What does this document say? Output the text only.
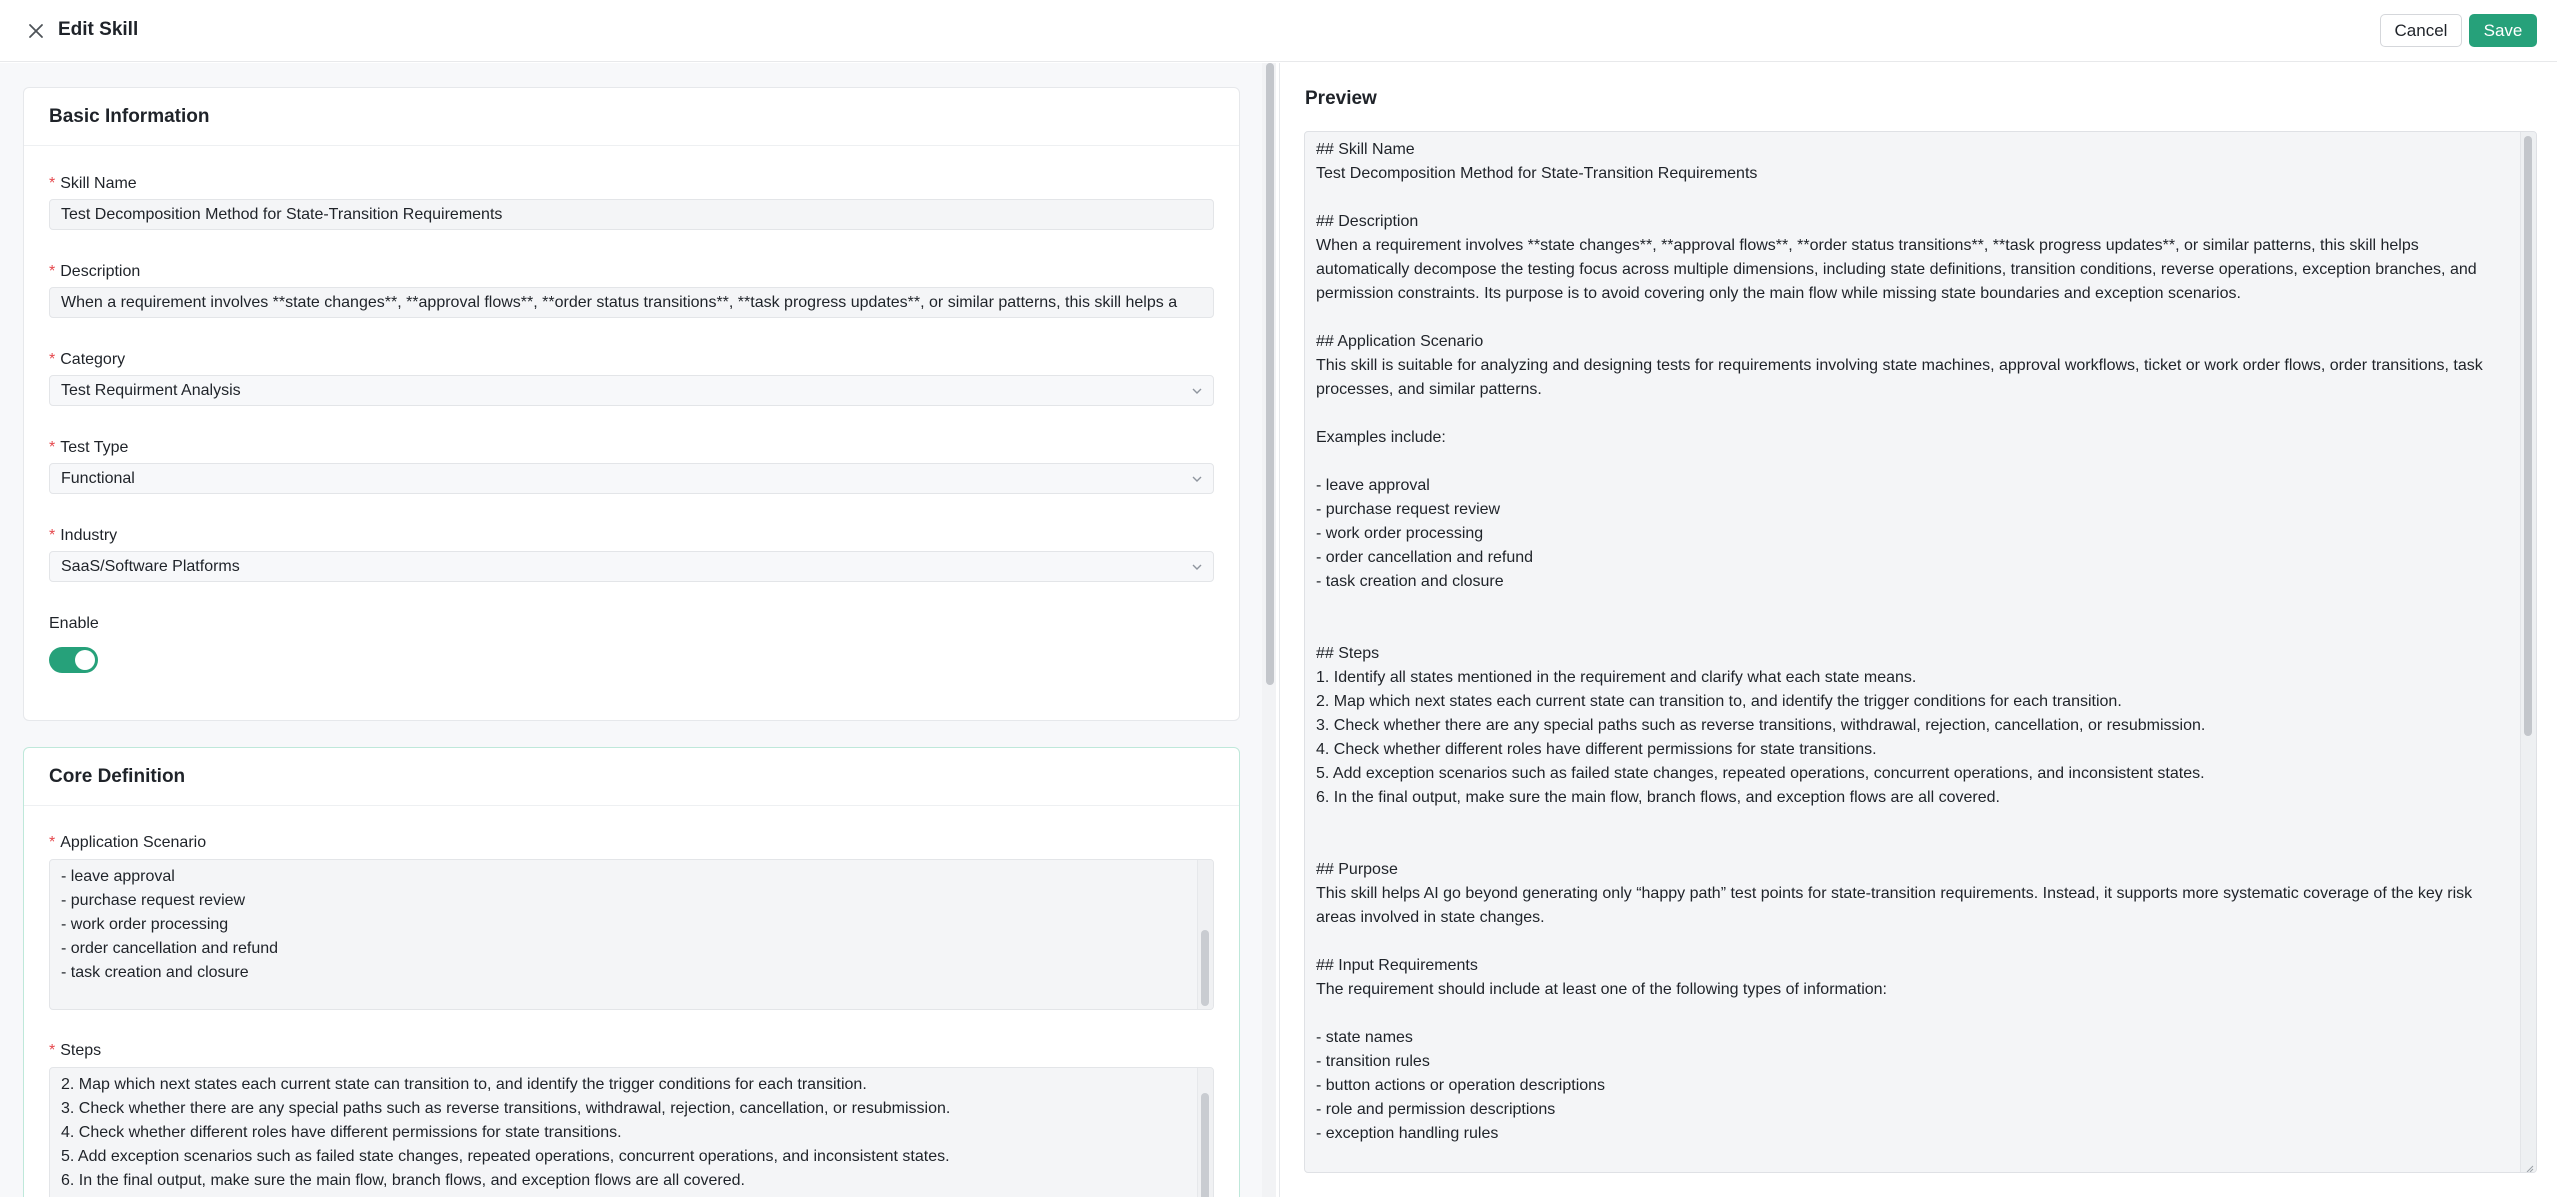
Edit Skill	Cancel	Save
Basic Information
* Skill Name
Test Decomposition Method for State-Transition Requirements
* Description
When a requirement involves **state changes**, **approval flows**, **order status transitions**, **task progress updates**, or similar patterns, this skill helps a
* Category
Test Requirment Analysis
* Test Type
Functional
* Industry
SaaS/Software Platforms
Enable
Core Definition
* Application Scenario
- leave approval
- purchase request review
- work order processing
- order cancellation and refund
- task creation and closure
* Steps
2. Map which next states each current state can transition to, and identify the trigger conditions for each transition.
3. Check whether there are any special paths such as reverse transitions, withdrawal, rejection, cancellation, or resubmission.
4. Check whether different roles have different permissions for state transitions.
5. Add exception scenarios such as failed state changes, repeated operations, concurrent operations, and inconsistent states.
6. In the final output, make sure the main flow, branch flows, and exception flows are all covered.
Preview
## Skill Name
Test Decomposition Method for State-Transition Requirements
## Description
When a requirement involves **state changes**, **approval flows**, **order status transitions**, **task progress updates**, or similar patterns, this skill helps automatically decompose the testing focus across multiple dimensions, including state definitions, transition conditions, reverse operations, exception branches, and permission constraints. Its purpose is to avoid covering only the main flow while missing state boundaries and exception scenarios.
## Application Scenario
This skill is suitable for analyzing and designing tests for requirements involving state machines, approval workflows, ticket or work order flows, order transitions, task processes, and similar patterns.
Examples include:
- leave approval
- purchase request review
- work order processing
- order cancellation and refund
- task creation and closure
## Steps
1. Identify all states mentioned in the requirement and clarify what each state means.
2. Map which next states each current state can transition to, and identify the trigger conditions for each transition.
3. Check whether there are any special paths such as reverse transitions, withdrawal, rejection, cancellation, or resubmission.
4. Check whether different roles have different permissions for state transitions.
5. Add exception scenarios such as failed state changes, repeated operations, concurrent operations, and inconsistent states.
6. In the final output, make sure the main flow, branch flows, and exception flows are all covered.
## Purpose
This skill helps AI go beyond generating only “happy path” test points for state-transition requirements. Instead, it supports more systematic coverage of the key risk areas involved in state changes.
## Input Requirements
The requirement should include at least one of the following types of information:
- state names
- transition rules
- button actions or operation descriptions
- role and permission descriptions
- exception handling rules
